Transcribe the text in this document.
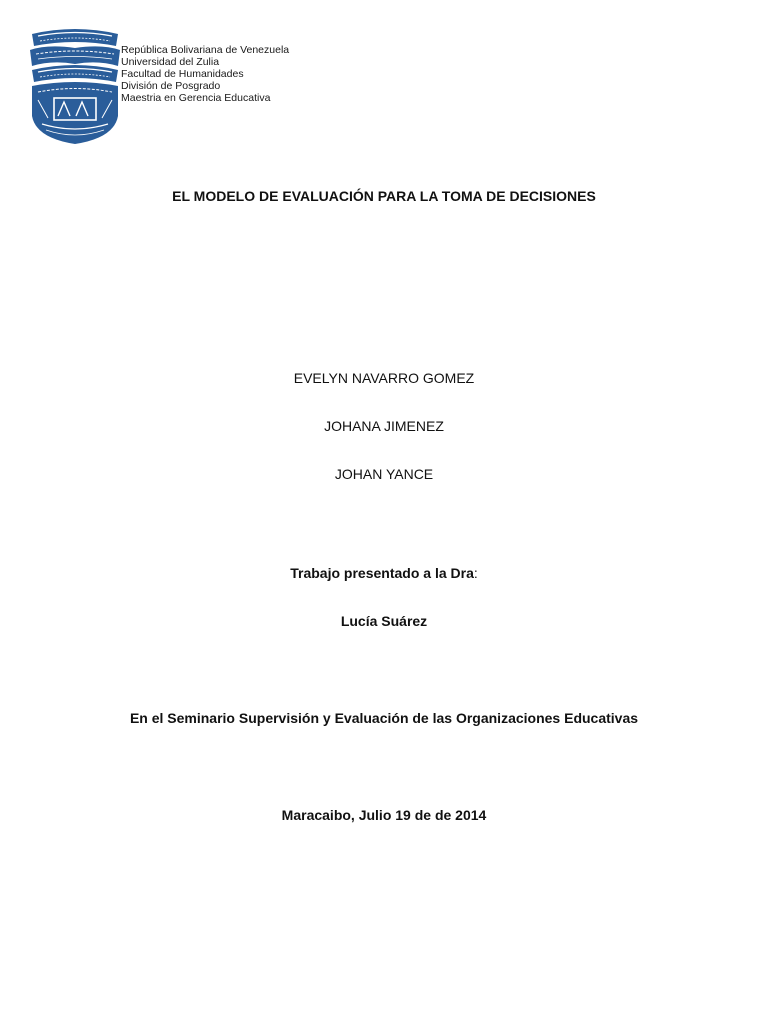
República Bolivariana de Venezuela
Universidad del Zulia
Facultad de Humanidades
División de Posgrado
Maestria en Gerencia Educativa
EL MODELO DE EVALUACIÓN PARA LA TOMA DE DECISIONES
EVELYN NAVARRO GOMEZ
JOHANA JIMENEZ
JOHAN YANCE
Trabajo presentado a la Dra:
Lucía Suárez
En el Seminario Supervisión y Evaluación de las Organizaciones Educativas
Maracaibo, Julio 19 de de 2014
